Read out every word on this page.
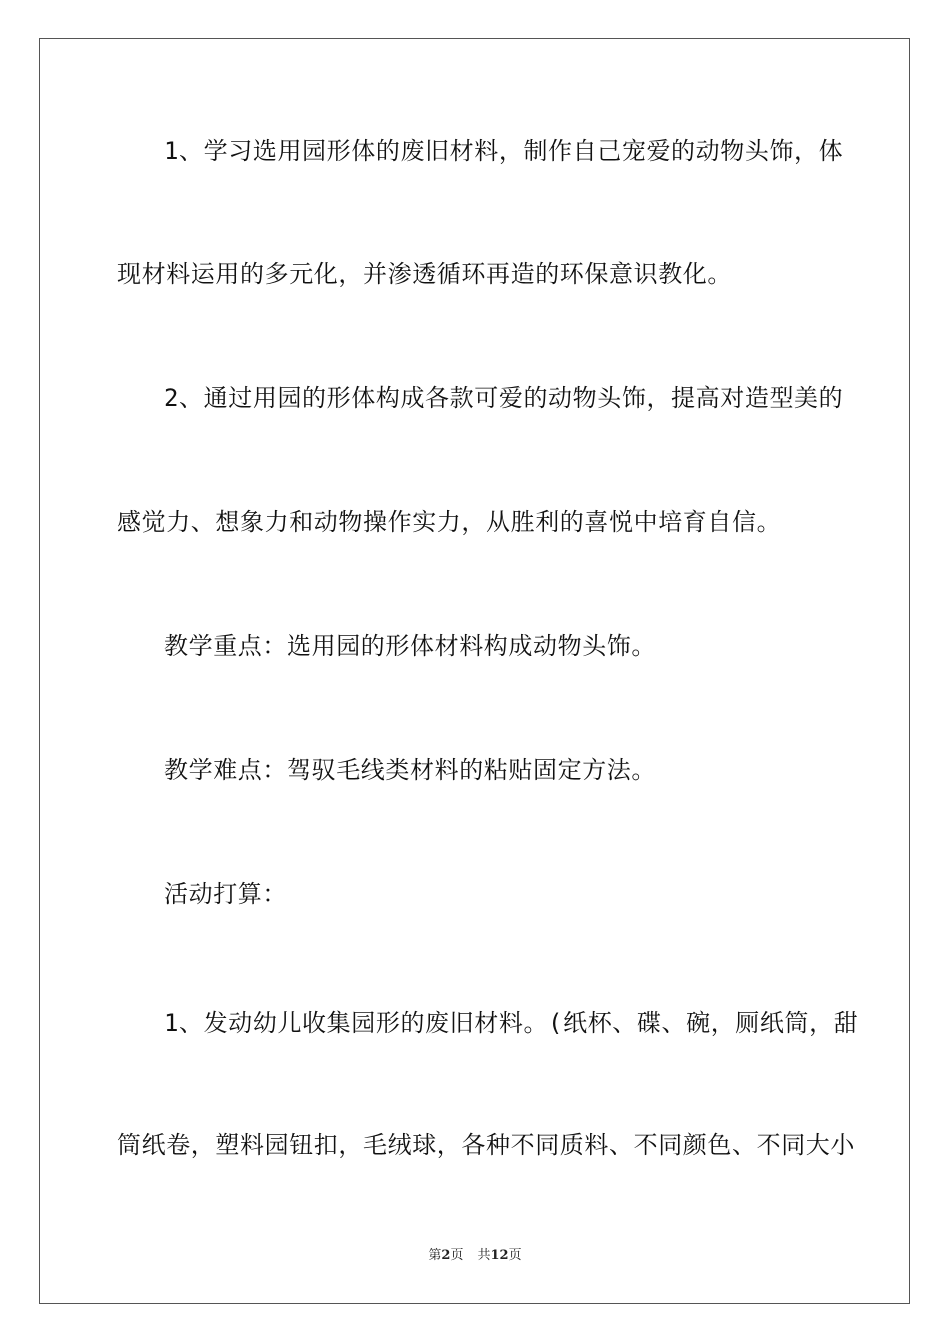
1、学习选用园形体的废旧材料，制作自己宠爱的动物头饰，体
现材料运用的多元化，并渗透循环再造的环保意识教化。
2、通过用园的形体构成各款可爱的动物头饰，提高对造型美的
感觉力、想象力和动物操作实力，从胜利的喜悦中培育自信。
教学重点：选用园的形体材料构成动物头饰。
教学难点：驾驭毛线类材料的粘贴固定方法。
活动打算：
1、发动幼儿收集园形的废旧材料。(纸杯、碟、碗，厕纸筒，甜
筒纸卷，塑料园钮扣，毛绒球，各种不同质料、不同颜色、不同大小
第2页 共12页
